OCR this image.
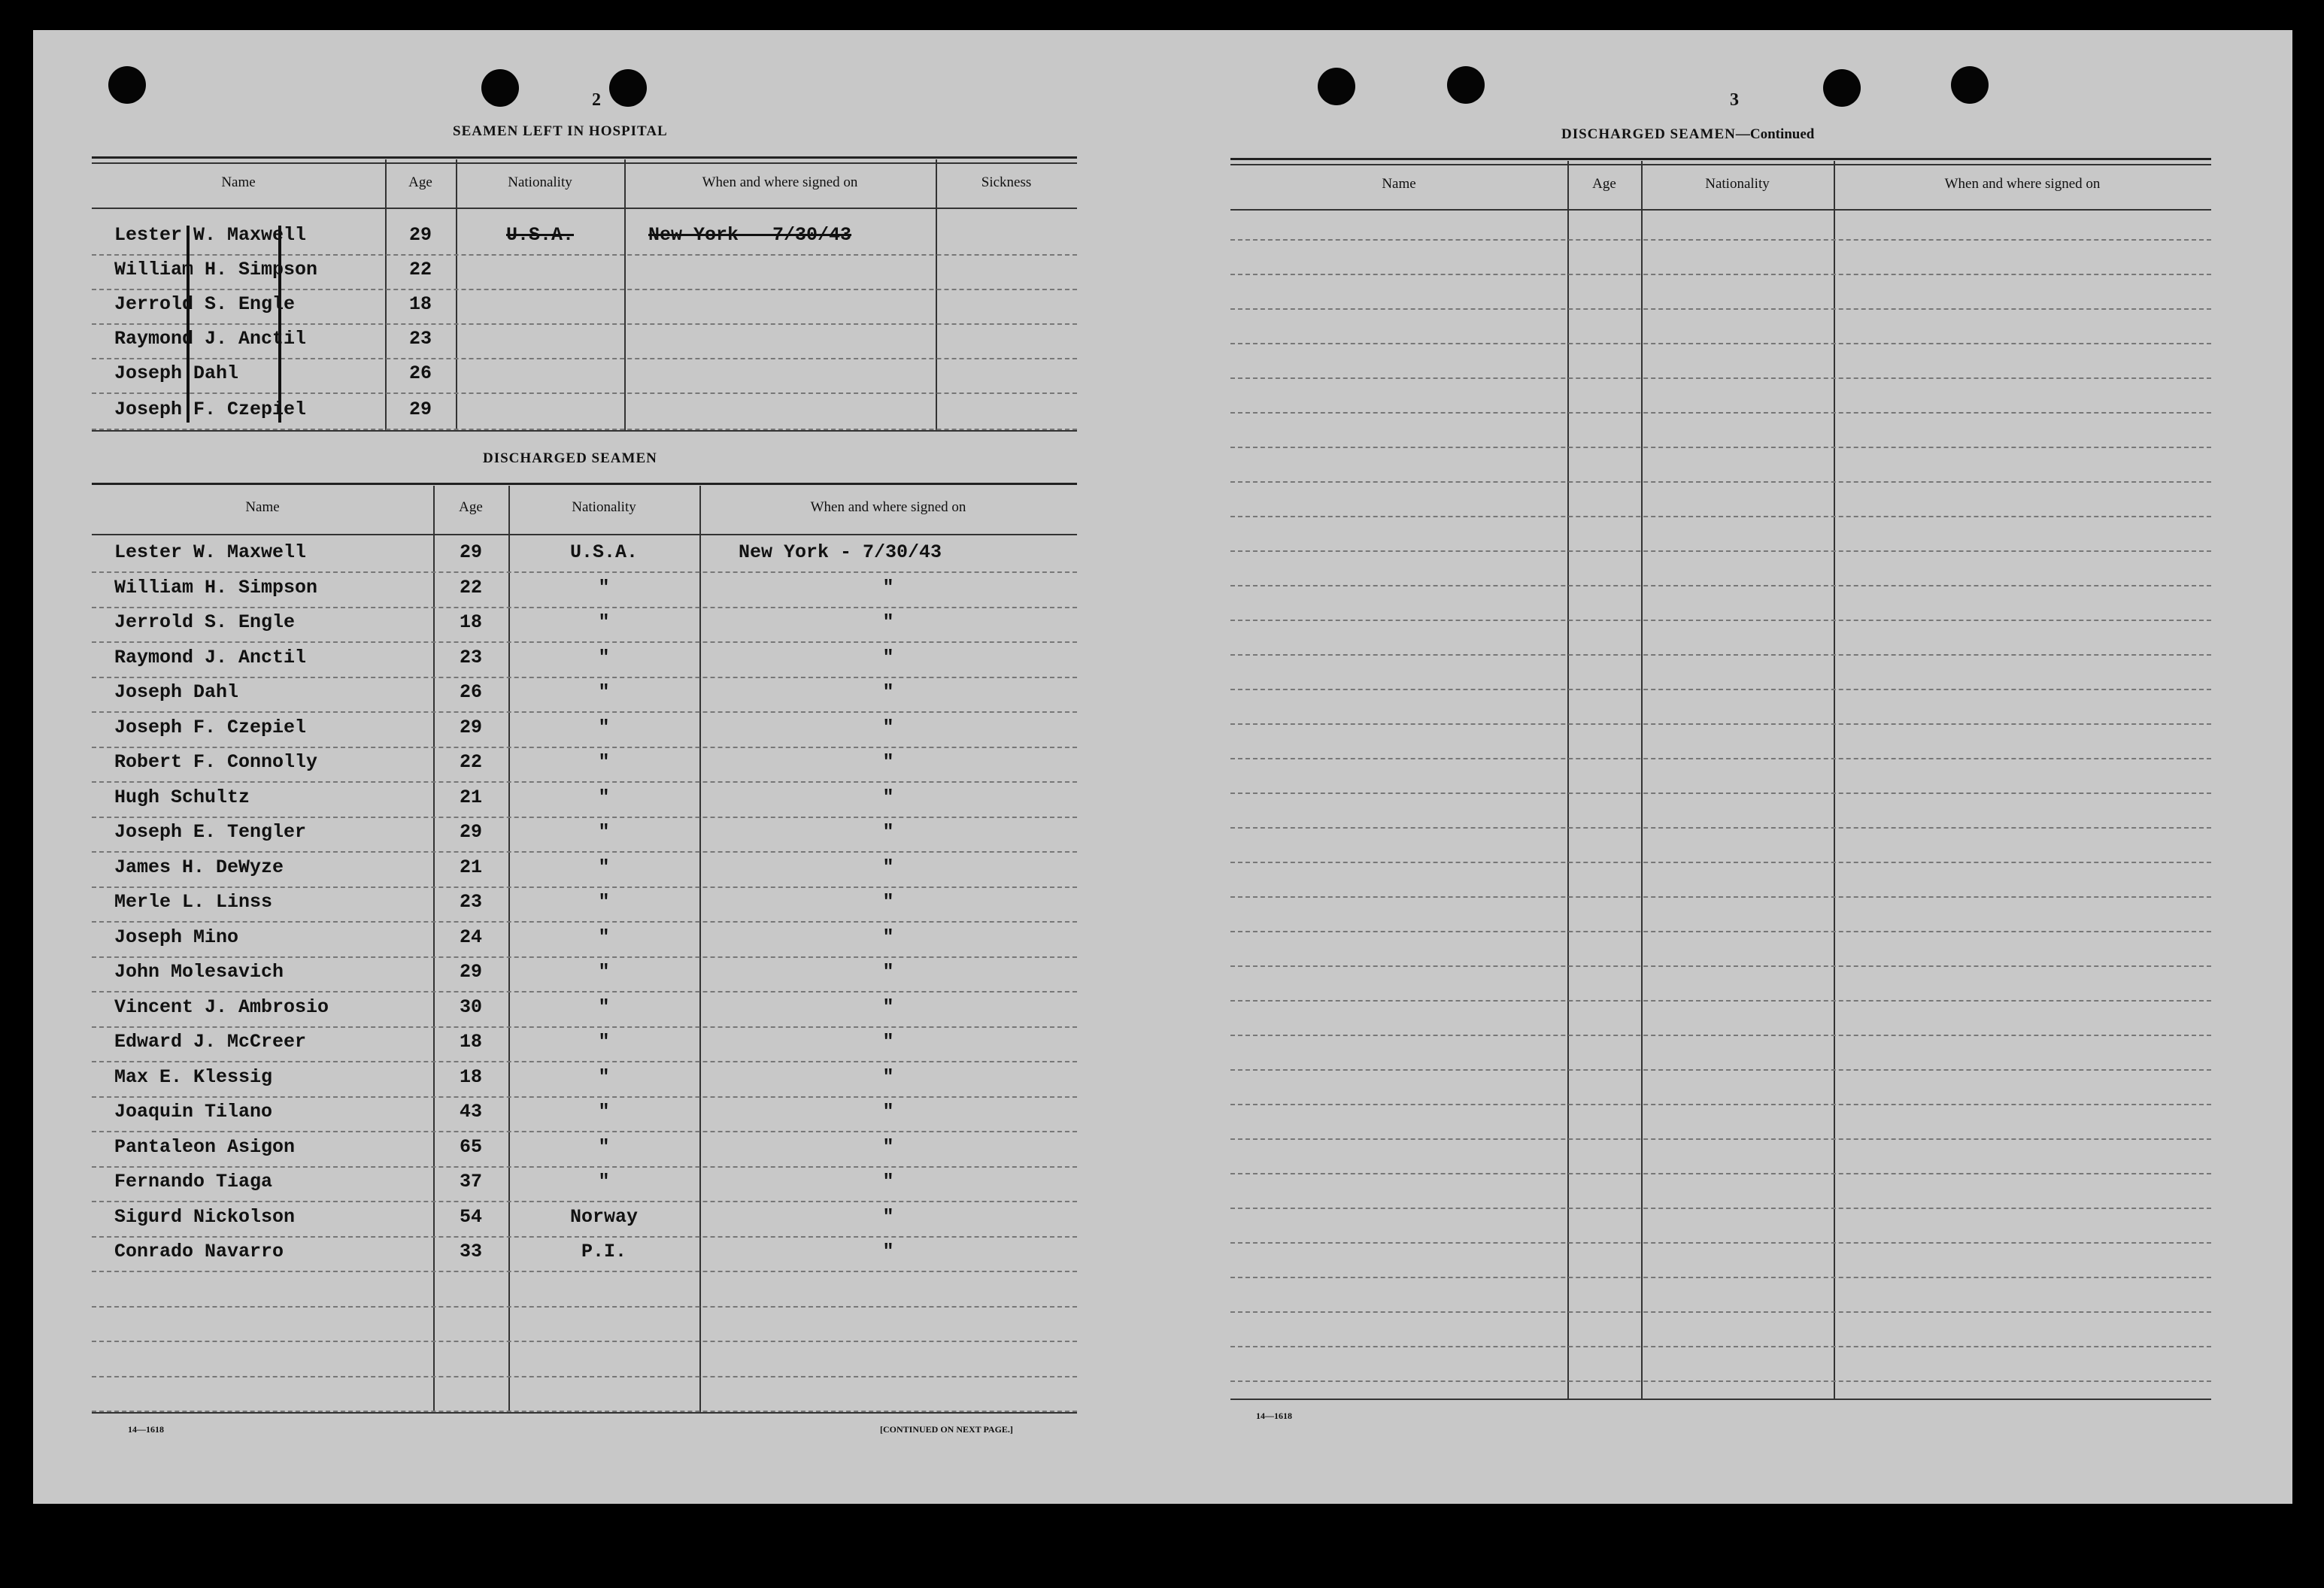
2
SEAMEN LEFT IN HOSPITAL
DISCHARGED SEAMEN
14—1618	[CONTINUED ON NEXT PAGE.]
3
DISCHARGED SEAMEN—Continued
14—1618
Name	Age	Nationality	When and where signed on	Sickness
Lester W. Maxwell	29	U.S.A.	New York - 7/30/43
William H. Simpson	22
Jerrold S. Engle	18
Raymond J. Anctil	23
Joseph Dahl	26
Joseph F. Czepiel	29
Name	Age	Nationality	When and where signed on
Lester W. Maxwell	29	U.S.A.	New York - 7/30/43
William H. Simpson	22	"	"
Jerrold S. Engle	18	"	"
Raymond J. Anctil	23	"	"
Joseph Dahl	26	"	"
Joseph F. Czepiel	29	"	"
Robert F. Connolly	22	"	"
Hugh Schultz	21	"	"
Joseph E. Tengler	29	"	"
James H. DeWyze	21	"	"
Merle L. Linss	23	"	"
Joseph Mino	24	"	"
John Molesavich	29	"	"
Vincent J. Ambrosio	30	"	"
Edward J. McCreer	18	"	"
Max E. Klessig	18	"	"
Joaquin Tilano	43	"	"
Pantaleon Asigon	65	"	"
Fernando Tiaga	37	"	"
Sigurd Nickolson	54	Norway	"
Conrado Navarro	33	P.I.	"
Name	Age	Nationality	When and where signed on
